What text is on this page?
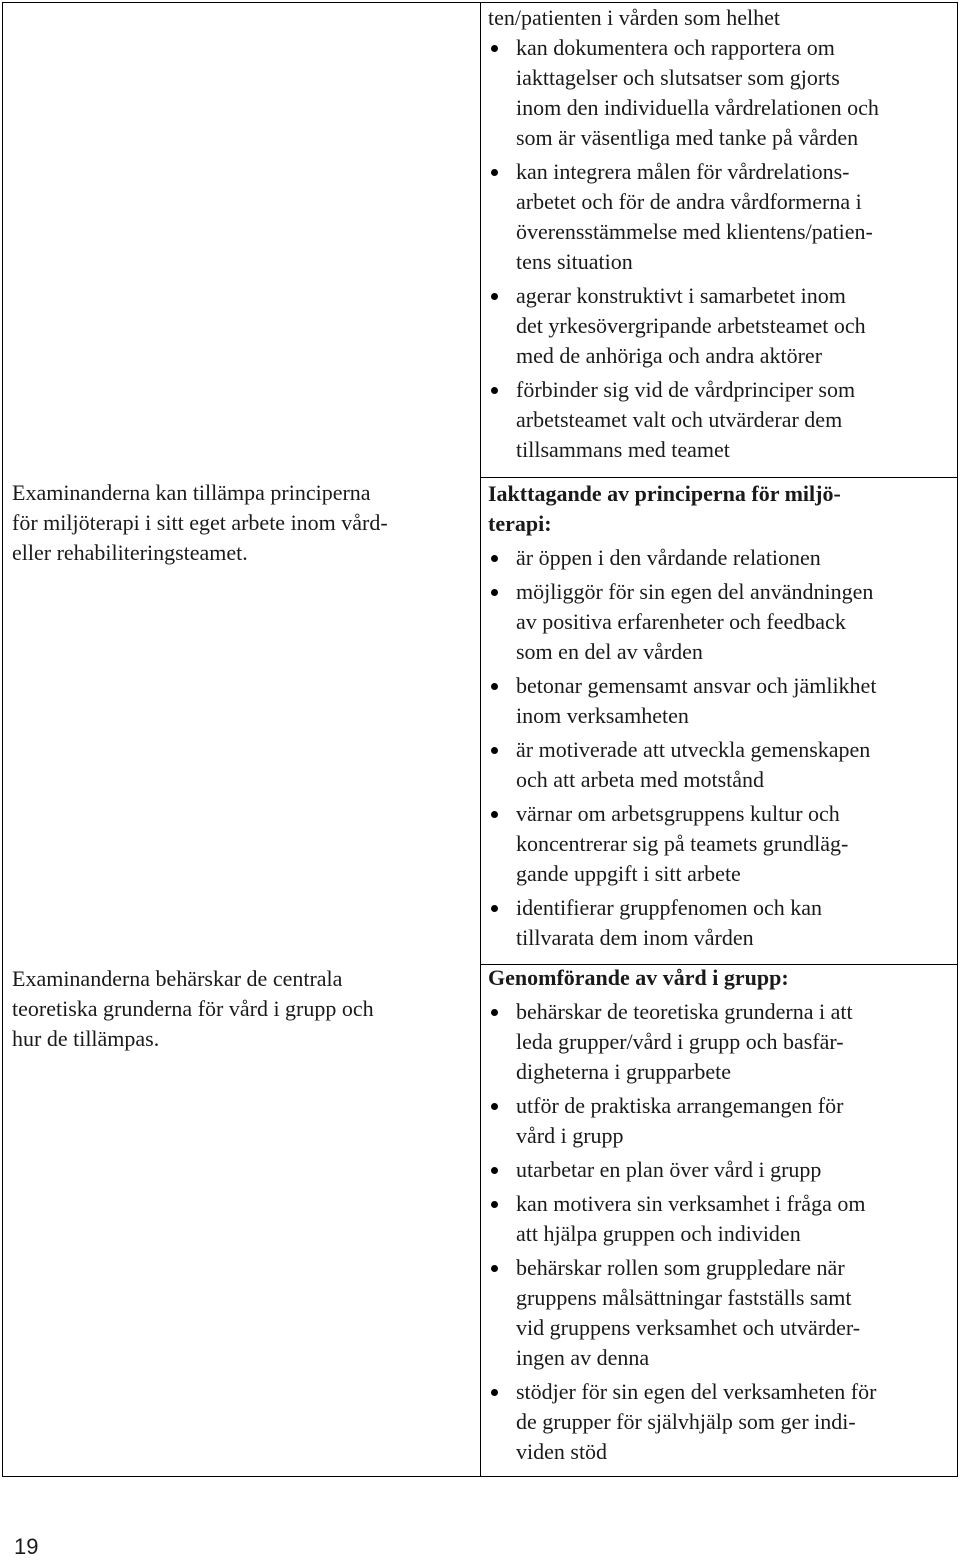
Examinanderna kan tillämpa principerna
för miljöterapi i sitt eget arbete inom vård-
eller rehabiliteringsteamet.
Examinanderna behärskar de centrala
teoretiska grunderna för vård i grupp och
hur de tillämpas.
ten/patienten i vården som helhet
kan dokumentera och rapportera om
iakttagelser och slutsatser som gjorts
inom den individuella vårdrelationen och
som är väsentliga med tanke på vården
kan integrera målen för vårdrelations-
arbetet och för de andra vårdformerna i
överensstämmelse med klientens/patien-
tens situation
agerar konstruktivt i samarbetet inom
det yrkesövergripande arbetsteamet och
med de anhöriga och andra aktörer
förbinder sig vid de vårdprinciper som
arbetsteamet valt och utvärderar dem
tillsammans med teamet
Iakttagande av principerna för miljö-
terapi:
är öppen i den vårdande relationen
möjliggör för sin egen del användningen
av positiva erfarenheter och feedback
som en del av vården
betonar gemensamt ansvar och jämlikhet
inom verksamheten
är motiverade att utveckla gemenskapen
och att arbeta med motstånd
värnar om arbetsgruppens kultur och
koncentrerar sig på teamets grundläg-
gande uppgift i sitt arbete
identifierar gruppfenomen och kan
tillvarata dem inom vården
Genomförande av vård i grupp:
behärskar de teoretiska grunderna i att
leda grupper/vård i grupp och basfär-
digheterna i grupparbete
utför de praktiska arrangemangen för
vård i grupp
utarbetar en plan över vård i grupp
kan motivera sin verksamhet i fråga om
att hjälpa gruppen och individen
behärskar rollen som gruppledare när
gruppens målsättningar fastställs samt
vid gruppens verksamhet och utvärder-
ingen av denna
stödjer för sin egen del verksamheten för
de grupper för självhjälp som ger indi-
viden stöd
19
